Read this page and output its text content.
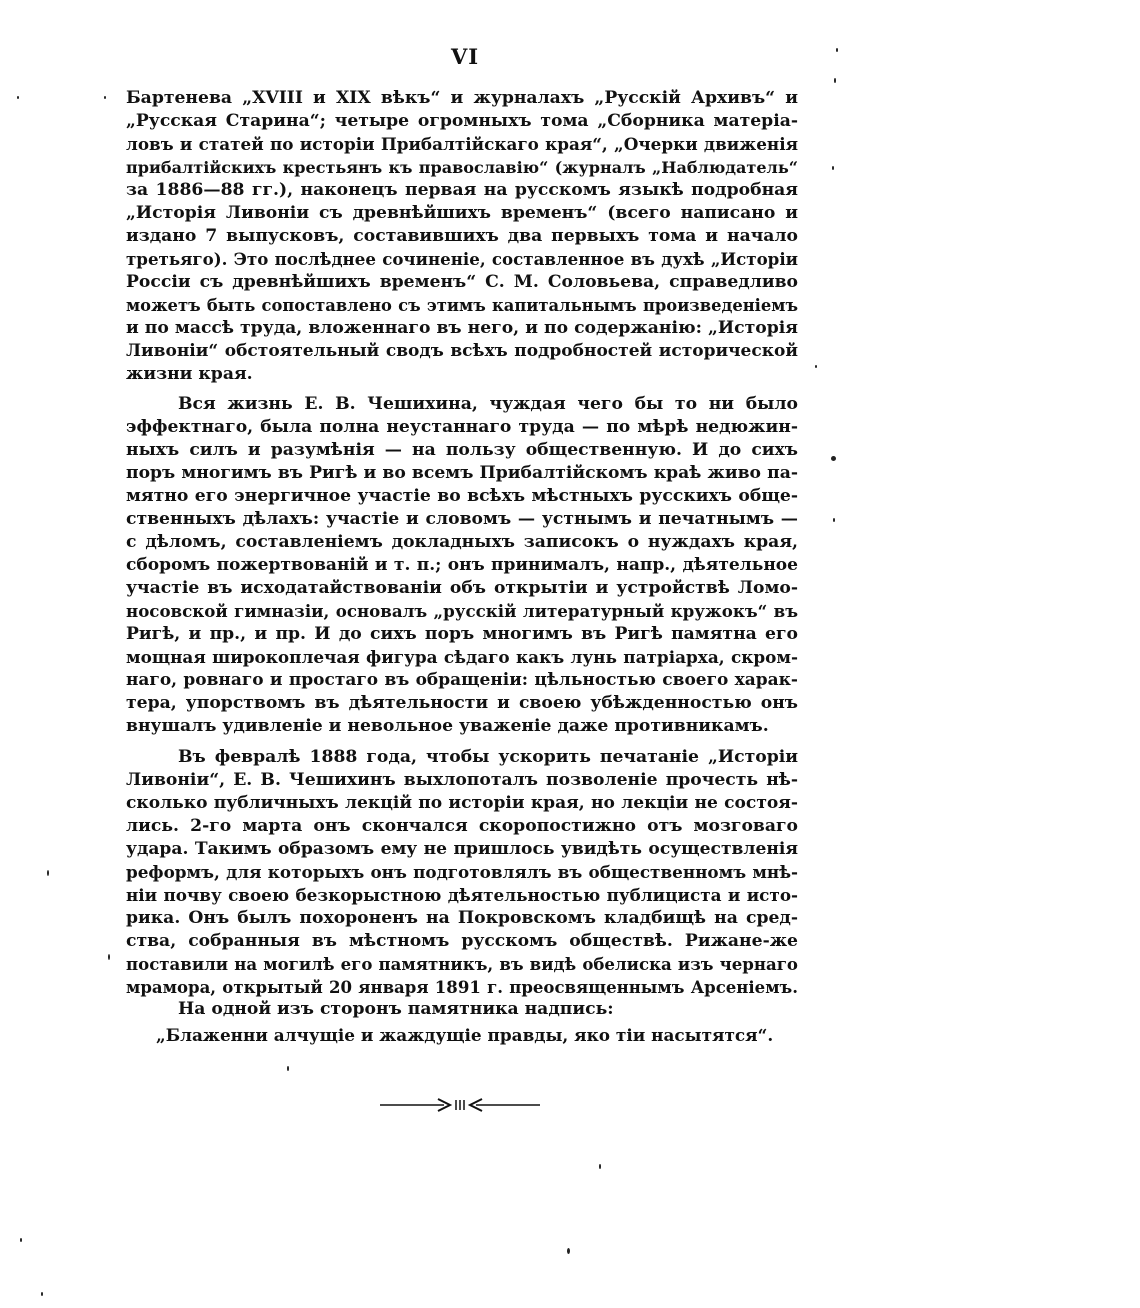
VI
Бартенева „XVIII и XIX вѣкъ“ и журналахъ „Русскій Архивъ“ и
„Русская Старина“; четыре огромныхъ тома „Сборника матеріа-
ловъ и статей по исторіи Прибалтійскаго края“, „Очерки движенія
прибалтійскихъ крестьянъ къ православію“ (журналъ „Наблюдатель“
за 1886—88 гг.), наконецъ первая на русскомъ языкѣ подробная
„Исторія Ливоніи съ древнѣйшихъ временъ“ (всего написано и
издано 7 выпусковъ, составившихъ два первыхъ тома и начало
третьяго). Это послѣднее сочиненіе, составленное въ духѣ „Исторіи
Россіи съ древнѣйшихъ временъ“ С. М. Соловьева, справедливо
можетъ быть сопоставлено съ этимъ капитальнымъ произведеніемъ
и по массѣ труда, вложеннаго въ него, и по содержанію: „Исторія
Ливоніи“ обстоятельный сводъ всѣхъ подробностей исторической
жизни края.
Вся жизнь Е. В. Чешихина, чуждая чего бы то ни было
эффектнаго, была полна неустаннаго труда — по мѣрѣ недюжин-
ныхъ силъ и разумѣнія — на пользу общественную. И до сихъ
поръ многимъ въ Ригѣ и во всемъ Прибалтійскомъ краѣ живо па-
мятно его энергичное участіе во всѣхъ мѣстныхъ русскихъ обще-
ственныхъ дѣлахъ: участіе и словомъ — устнымъ и печатнымъ —
с дѣломъ, составленіемъ докладныхъ записокъ о нуждахъ края,
сборомъ пожертвованій и т. п.; онъ принималъ, напр., дѣятельное
участіе въ исходатайствованіи объ открытіи и устройствѣ Ломо-
носовской гимназіи, основалъ „русскій литературный кружокъ“ въ
Ригѣ, и пр., и пр. И до сихъ поръ многимъ въ Ригѣ памятна его
мощная широкоплечая фигура сѣдаго какъ лунь патріарха, скром-
наго, ровнаго и простаго въ обращеніи: цѣльностью своего харак-
тера, упорствомъ въ дѣятельности и своею убѣжденностью онъ
внушалъ удивленіе и невольное уваженіе даже противникамъ.
Въ февралѣ 1888 года, чтобы ускорить печатаніе „Исторіи
Ливоніи“, Е. В. Чешихинъ выхлопоталъ позволеніе прочесть нѣ-
сколько публичныхъ лекцій по исторіи края, но лекціи не состоя-
лись. 2-го марта онъ скончался скоропостижно отъ мозговаго
удара. Такимъ образомъ ему не пришлось увидѣть осуществленія
реформъ, для которыхъ онъ подготовлялъ въ общественномъ мнѣ-
ніи почву своею безкорыстною дѣятельностью публициста и исто-
рика. Онъ былъ похороненъ на Покровскомъ кладбищѣ на сред-
ства, собранныя въ мѣстномъ русскомъ обществѣ. Рижане-же
поставили на могилѣ его памятникъ, въ видѣ обелиска изъ чернаго
мрамора, открытый 20 января 1891 г. преосвященнымъ Арсеніемъ.
На одной изъ сторонъ памятника надпись:
„Блаженни алчущіе и жаждущіе правды, яко тіи насытятся“.
